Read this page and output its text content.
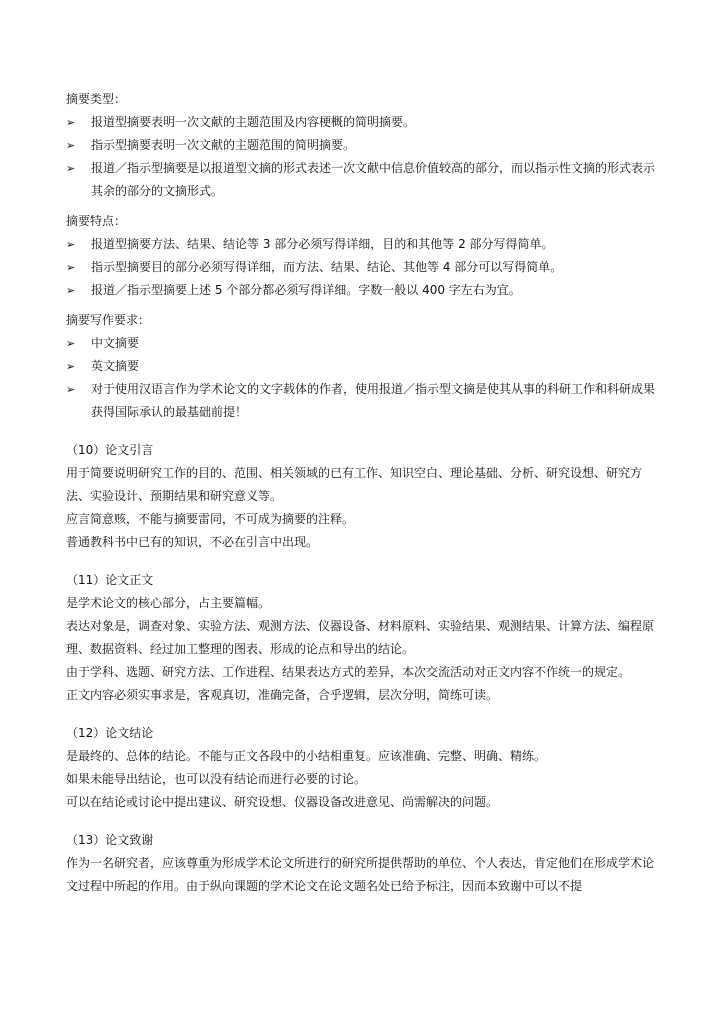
摘要类型：

➢	报道型摘要表明一次文献的主题范围及内容梗概的简明摘要。
➢	指示型摘要表明一次文献的主题范围的简明摘要。
➢	报道／指示型摘要是以报道型文摘的形式表述一次文献中信息价值较高的部分，而以指示性文摘的形式表示其余的部分的文摘形式。

摘要特点：

➢	报道型摘要方法、结果、结论等 3 部分必须写得详细，目的和其他等 2 部分写得简单。
➢	指示型摘要目的部分必须写得详细，而方法、结果、结论、其他等 4 部分可以写得简单。
➢	报道／指示型摘要上述 5 个部分都必须写得详细。字数一般以 400 字左右为宜。

摘要写作要求：

➢	中文摘要
➢	英文摘要
➢	对于使用汉语言作为学术论文的文字载体的作者，使用报道／指示型文摘是使其从事的科研工作和科研成果获得国际承认的最基础前提！

（10）论文引言

用于简要说明研究工作的目的、范围、相关领域的已有工作、知识空白、理论基础、分析、研究设想、研究方法、实验设计、预期结果和研究意义等。

应言简意赅，不能与摘要雷同，不可成为摘要的注释。

普通教科书中已有的知识，不必在引言中出现。

（11）论文正文

是学术论文的核心部分，占主要篇幅。

表达对象是，调查对象、实验方法、观测方法、仪器设备、材料原料、实验结果、观测结果、计算方法、编程原理、数据资料、经过加工整理的图表、形成的论点和导出的结论。

由于学科、选题、研究方法、工作进程、结果表达方式的差异，本次交流活动对正文内容不作统一的规定。

正文内容必须实事求是，客观真切，准确完备，合乎逻辑，层次分明，简练可读。

（12）论文结论

是最终的、总体的结论。不能与正文各段中的小结相重复。应该准确、完整、明确、精练。

如果未能导出结论，也可以没有结论而进行必要的讨论。

可以在结论或讨论中提出建议、研究设想、仪器设备改进意见、尚需解决的问题。

（13）论文致谢

作为一名研究者，应该尊重为形成学术论文所进行的研究所提供帮助的单位、个人表达，肯定他们在形成学术论文过程中所起的作用。由于纵向课题的学术论文在论文题名处已给予标注，因而本致谢中可以不提
